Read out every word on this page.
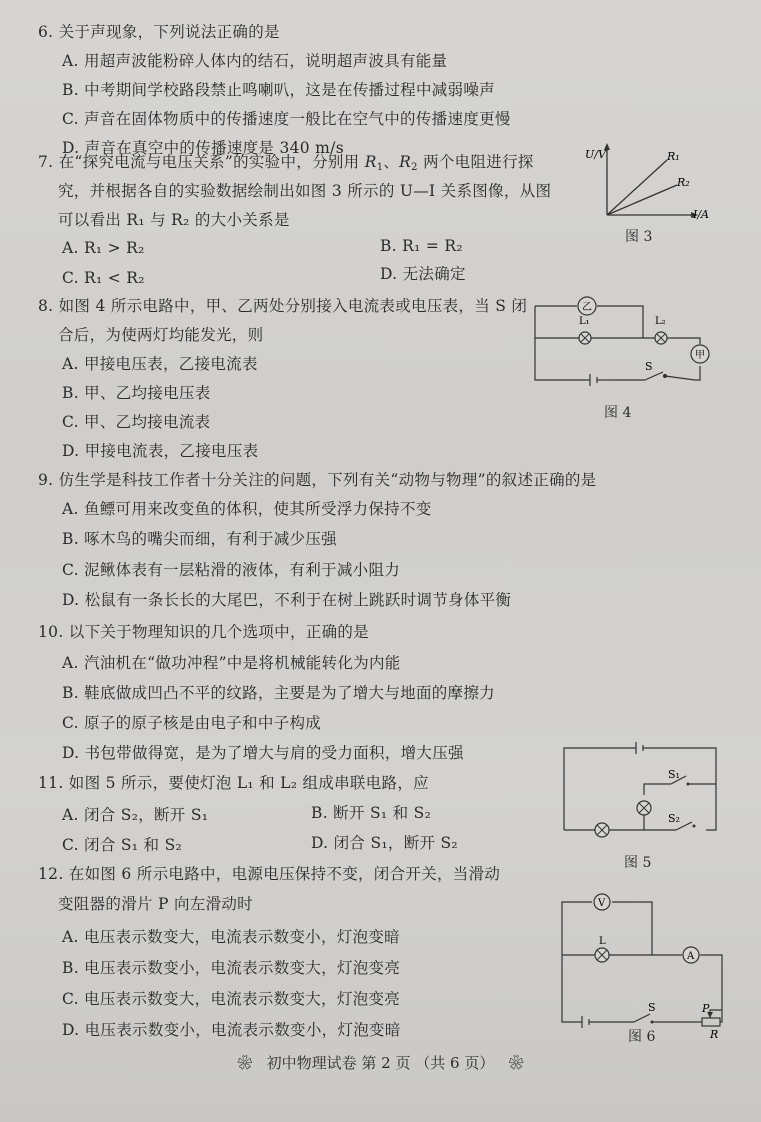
6. 关于声现象，下列说法正确的是
A. 用超声波能粉碎人体内的结石，说明超声波具有能量
B. 中考期间学校路段禁止鸣喇叭，这是在传播过程中减弱噪声
C. 声音在固体物质中的传播速度一般比在空气中的传播速度更慢
D. 声音在真空中的传播速度是 340 m/s
7. 在“探究电流与电压关系”的实验中，分别用 $R_1$、$R_2$ 两个电阻进行探
究，并根据各自的实验数据绘制出如图 3 所示的 U—I 关系图像，从图
可以看出 R₁ 与 R₂ 的大小关系是
A. R₁ > R₂	B. R₁ = R₂
C. R₁ < R₂	D. 无法确定
U/V
I/A
R₁
R₂
图 3
8. 如图 4 所示电路中，甲、乙两处分别接入电流表或电压表，当 S 闭
合后，为使两灯均能发光，则
A. 甲接电压表，乙接电流表
B. 甲、乙均接电压表
C. 甲、乙均接电流表
D. 甲接电流表，乙接电压表
乙
L₁	L₂
甲
S
图 4
9. 仿生学是科技工作者十分关注的问题，下列有关“动物与物理”的叙述正确的是
A. 鱼鳔可用来改变鱼的体积，使其所受浮力保持不变
B. 啄木鸟的嘴尖而细，有利于减少压强
C. 泥鳅体表有一层粘滑的液体，有利于减小阻力
D. 松鼠有一条长长的大尾巴，不利于在树上跳跃时调节身体平衡
10. 以下关于物理知识的几个选项中，正确的是
A. 汽油机在“做功冲程”中是将机械能转化为内能
B. 鞋底做成凹凸不平的纹路，主要是为了增大与地面的摩擦力
C. 原子的原子核是由电子和中子构成
D. 书包带做得宽，是为了增大与肩的受力面积，增大压强
11. 如图 5 所示，要使灯泡 L₁ 和 L₂ 组成串联电路，应
A. 闭合 S₂，断开 S₁	B. 断开 S₁ 和 S₂
C. 闭合 S₁ 和 S₂	D. 闭合 S₁，断开 S₂
S₁
S₂
图 5
12. 在如图 6 所示电路中，电源电压保持不变，闭合开关，当滑动
变阻器的滑片 P 向左滑动时
A. 电压表示数变大，电流表示数变小，灯泡变暗
B. 电压表示数变小，电流表示数变大，灯泡变亮
C. 电压表示数变大，电流表示数变大，灯泡变亮
D. 电压表示数变小，电流表示数变小，灯泡变暗
V
L
A
S	P
R
图 6
❀ 初中物理试卷 第 2 页 （共 6 页） ❀
